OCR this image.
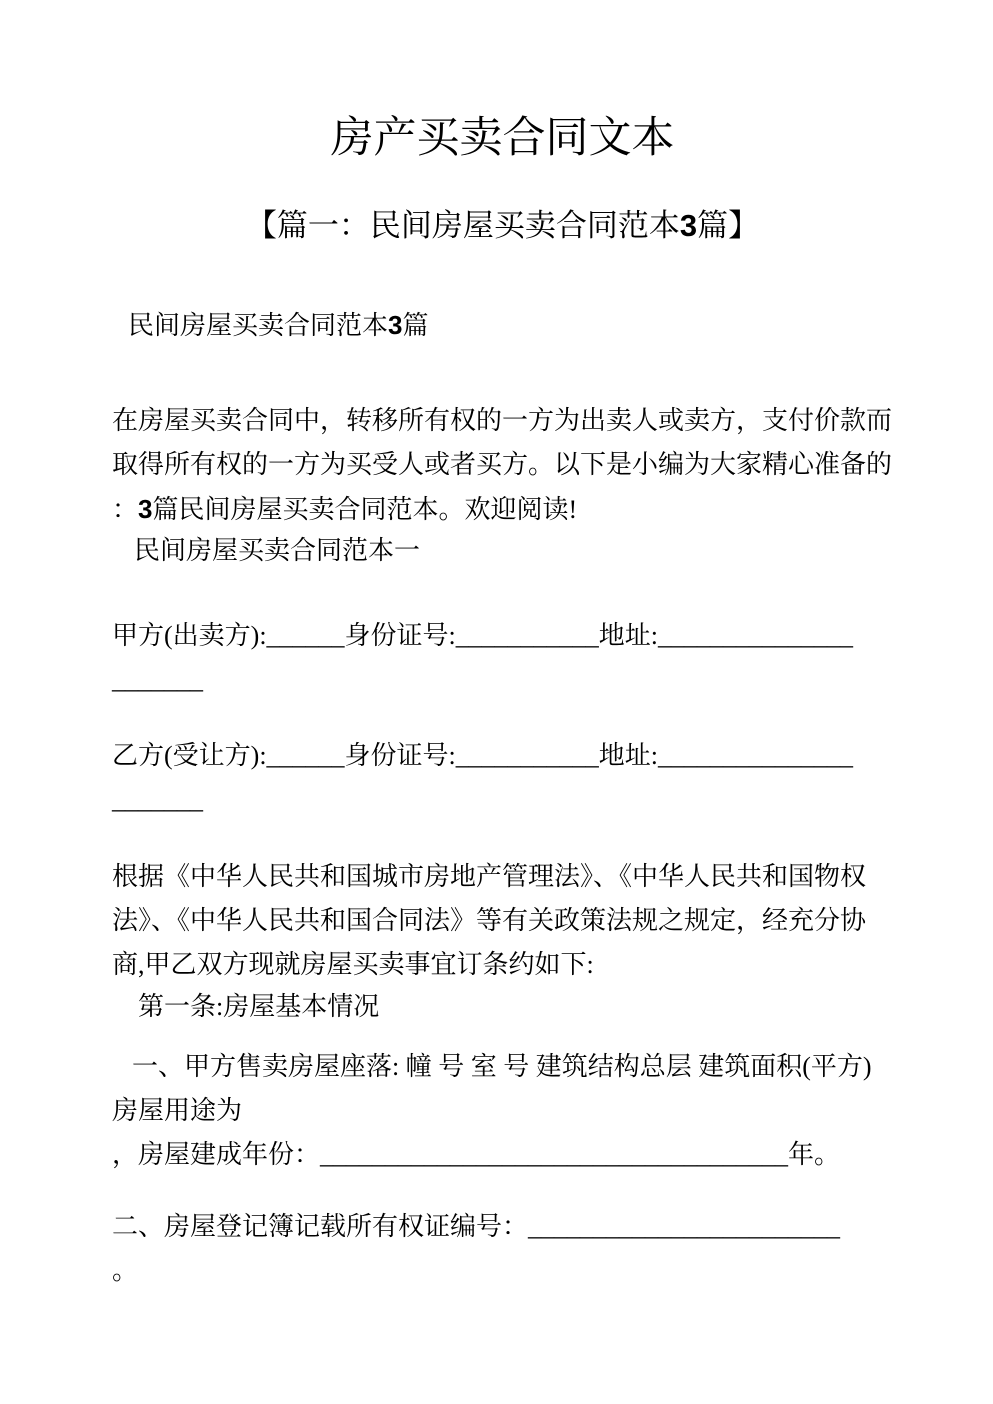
房产买卖合同文本
【篇一：民间房屋买卖合同范本3篇】
民间房屋买卖合同范本3篇
在房屋买卖合同中，转移所有权的一方为出卖人或卖方，支付价款而
取得所有权的一方为买受人或者买方。以下是小编为大家精心准备的
：3篇民间房屋买卖合同范本。欢迎阅读!
民间房屋买卖合同范本一
甲方(出卖方):______身份证号:___________地址:_______________
_______
乙方(受让方):______身份证号:___________地址:_______________
_______
根据《中华人民共和国城市房地产管理法》、《中华人民共和国物权
法》、《中华人民共和国合同法》等有关政策法规之规定，经充分协
商,甲乙双方现就房屋买卖事宜订条约如下:
第一条:房屋基本情况
一、甲方售卖房屋座落: 幢 号 室 号 建筑结构总层 建筑面积(平方)
房屋用途为
，房屋建成年份：____________________________________年。
二、房屋登记簿记载所有权证编号：________________________
。
